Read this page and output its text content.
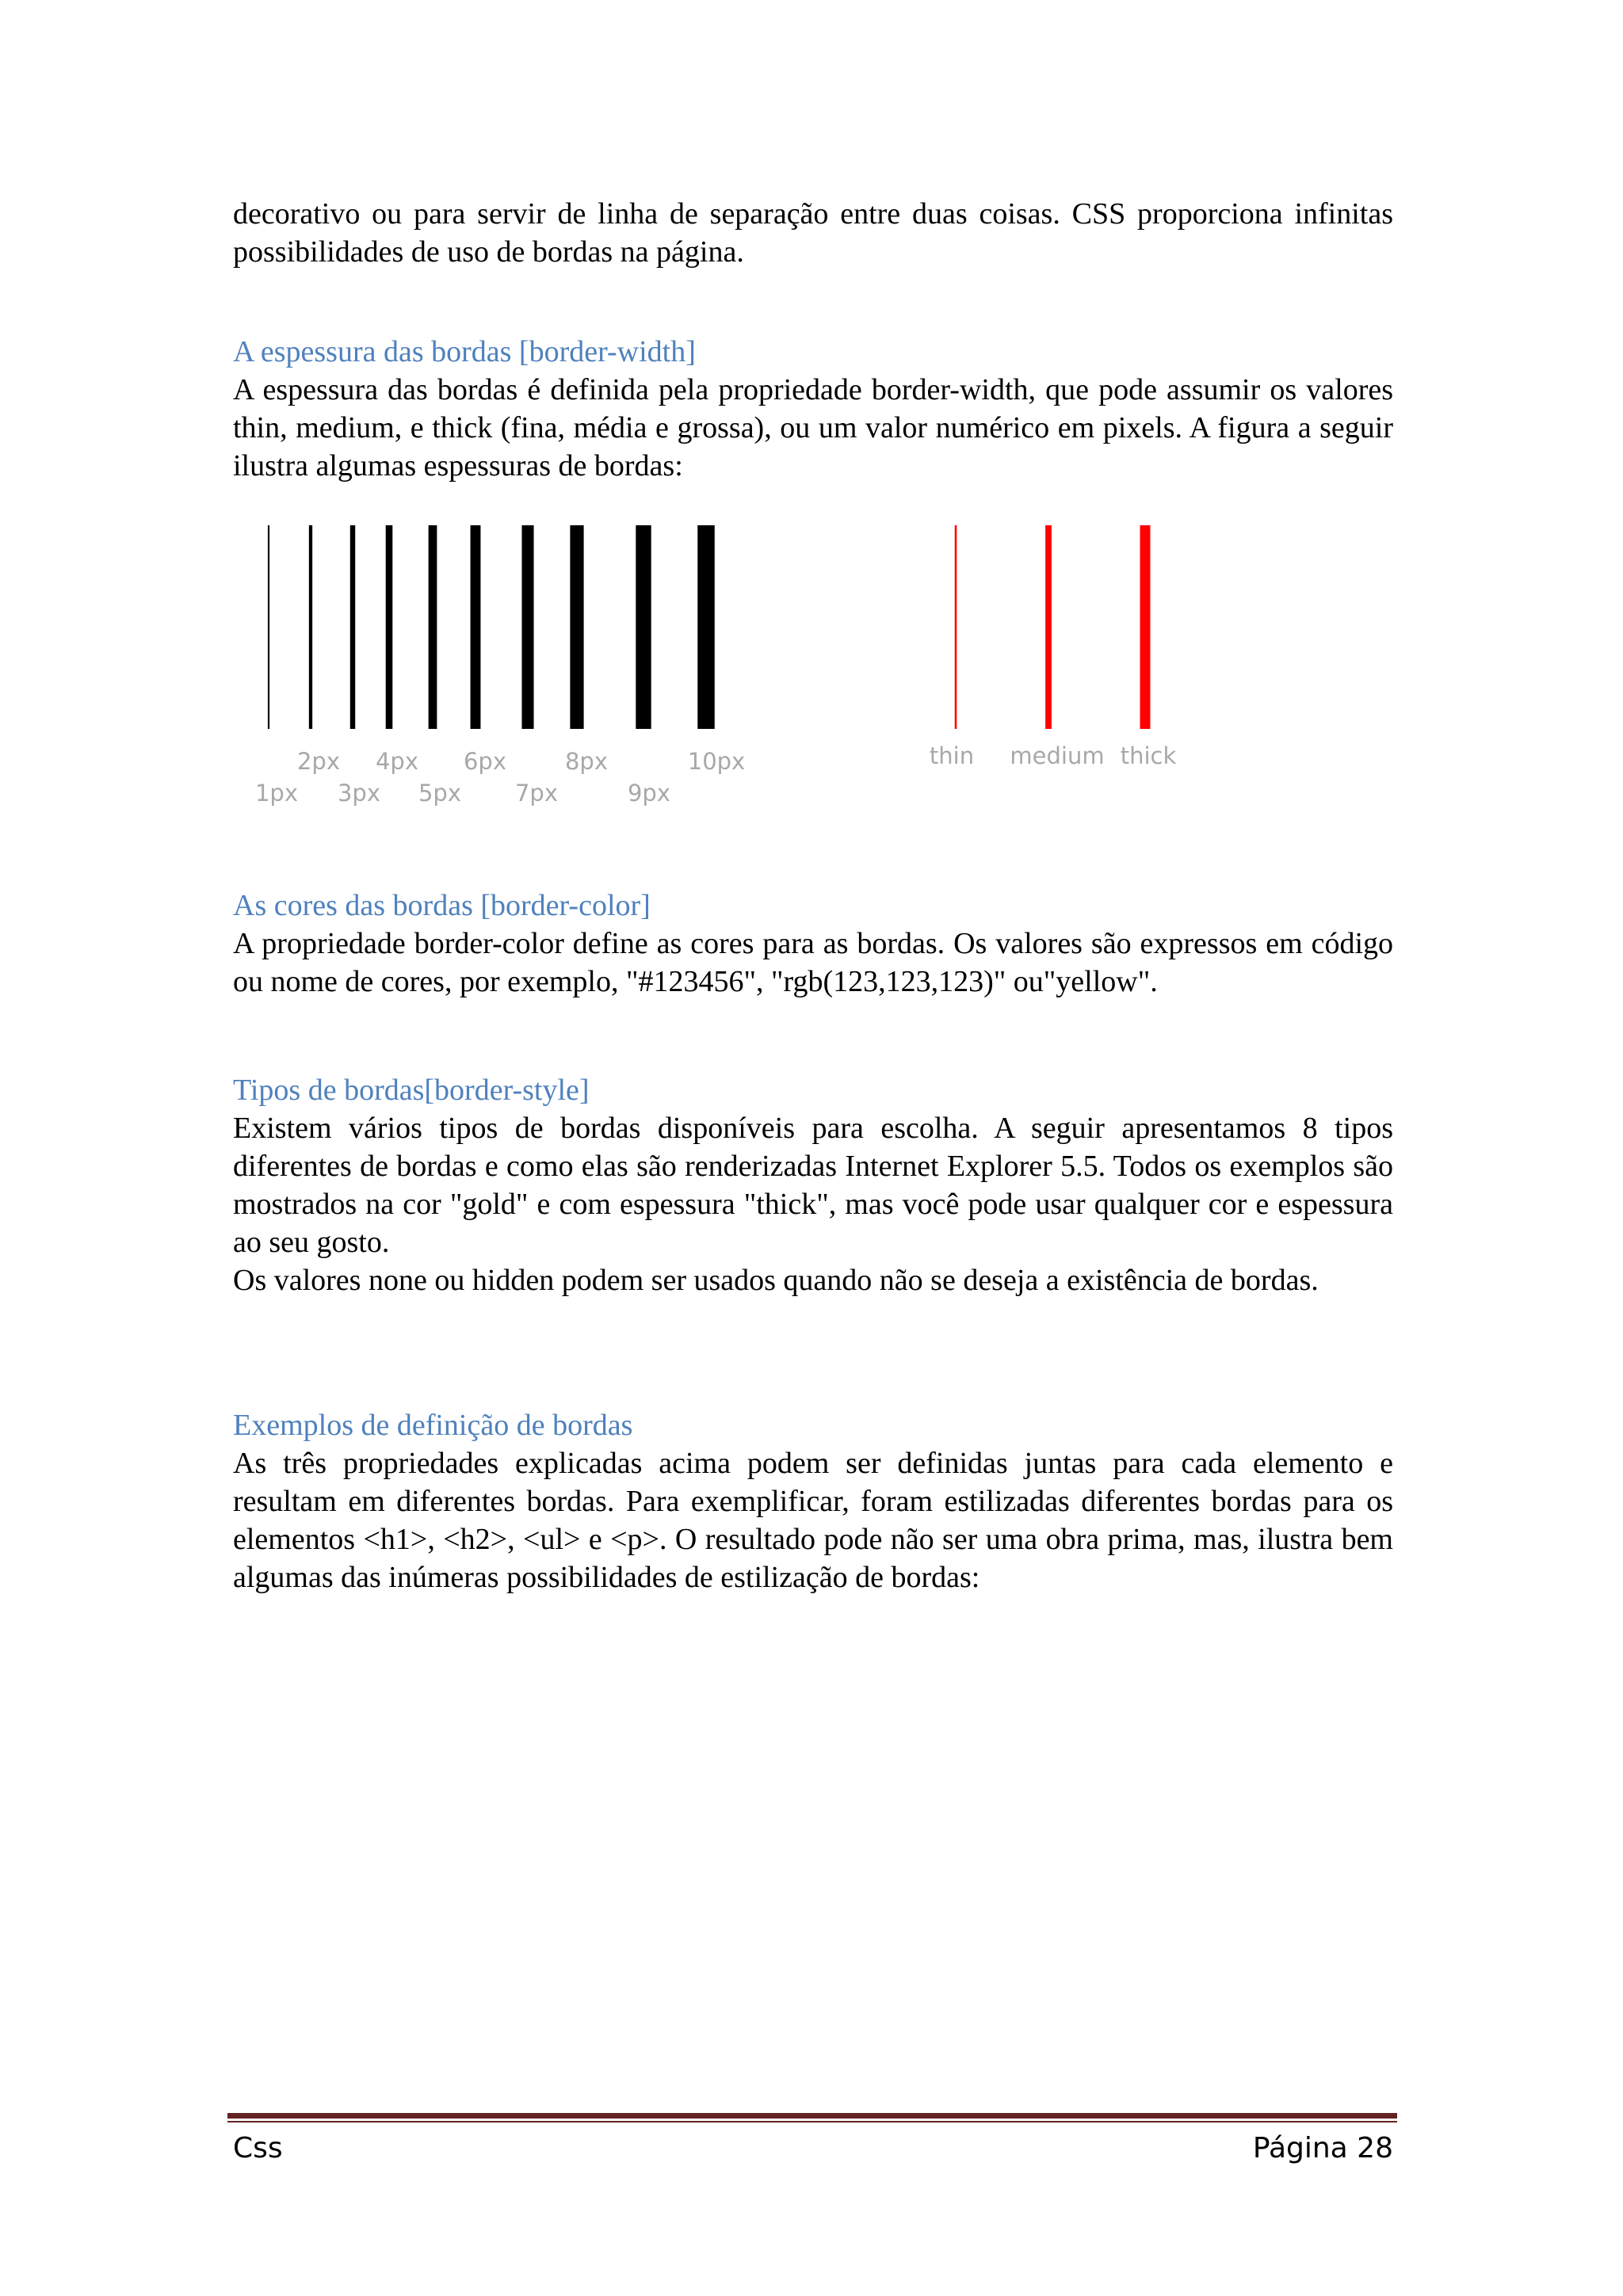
decorativo ou para servir de linha de separação entre duas coisas. CSS proporciona infinitas possibilidades de uso de bordas na página.

A espessura das bordas [border-width]

A espessura das bordas é definida pela propriedade border-width, que pode assumir os valores thin, medium, e thick (fina, média e grossa), ou um valor numérico em pixels. A figura a seguir ilustra algumas espessuras de bordas:

1px
2px
3px
4px
5px
6px
7px
8px
9px
10px	thin medium thick
As cores das bordas [border-color]

A propriedade border-color define as cores para as bordas. Os valores são expressos em código ou nome de cores, por exemplo, "#123456", "rgb(123,123,123)" ou"yellow".

Tipos de bordas[border-style]

Existem vários tipos de bordas disponíveis para escolha. A seguir apresentamos 8 tipos diferentes de bordas e como elas são renderizadas Internet Explorer 5.5. Todos os exemplos são mostrados na cor "gold" e com espessura "thick", mas você pode usar qualquer cor e espessura ao seu gosto.

Os valores none ou hidden podem ser usados quando não se deseja a existência de bordas.

Exemplos de definição de bordas

As três propriedades explicadas acima podem ser definidas juntas para cada elemento e resultam em diferentes bordas. Para exemplificar, foram estilizadas diferentes bordas para os elementos <h1>, <h2>, <ul> e <p>. O resultado pode não ser uma obra prima, mas, ilustra bem algumas das inúmeras possibilidades de estilização de bordas:

Css	Página 28
